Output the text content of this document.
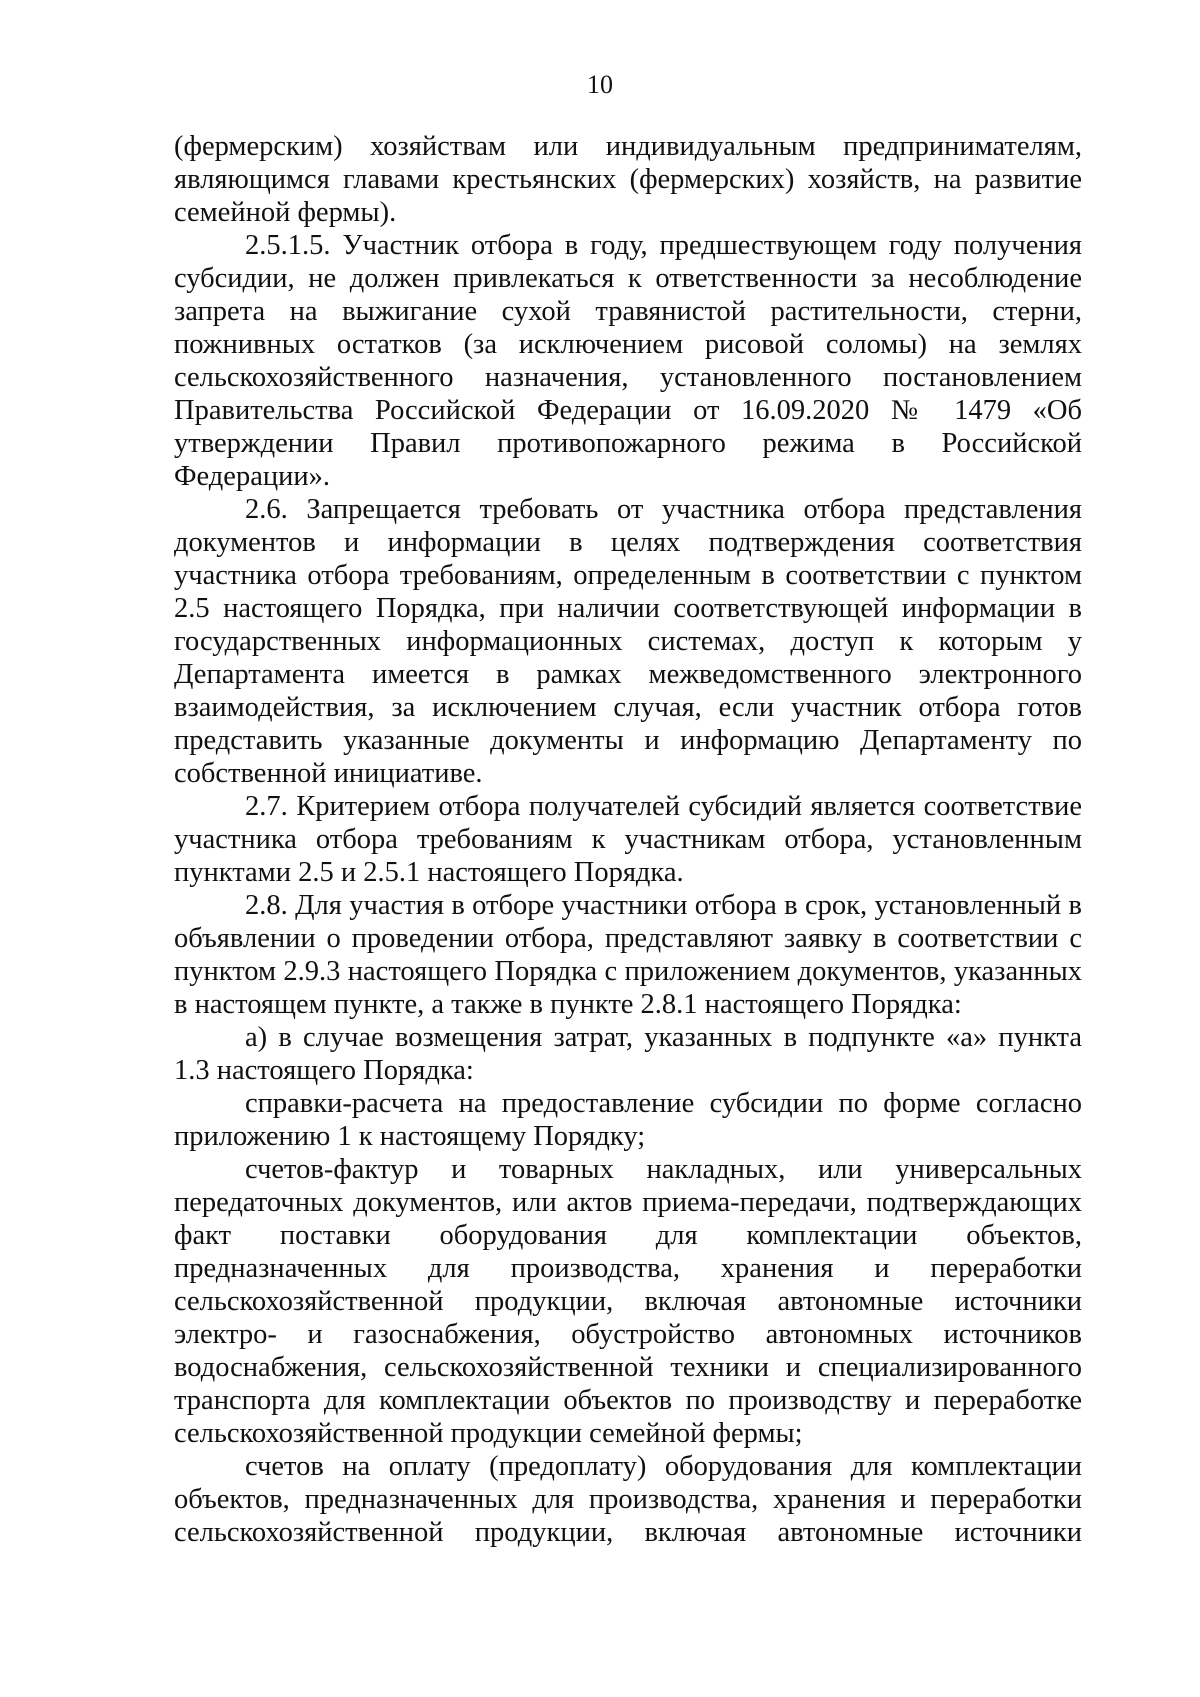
10

(фермерским) хозяйствам или индивидуальным предпринимателям, являющимся главами крестьянских (фермерских) хозяйств, на развитие семейной фермы).

2.5.1.5. Участник отбора в году, предшествующем году получения субсидии, не должен привлекаться к ответственности за несоблюдение запрета на выжигание сухой травянистой растительности, стерни, пожнивных остатков (за исключением рисовой соломы) на землях сельскохозяйственного назначения, установленного постановлением Правительства Российской Федерации от 16.09.2020 № 1479 «Об утверждении Правил противопожарного режима в Российской Федерации».

2.6. Запрещается требовать от участника отбора представления документов и информации в целях подтверждения соответствия участника отбора требованиям, определенным в соответствии с пунктом 2.5 настоящего Порядка, при наличии соответствующей информации в государственных информационных системах, доступ к которым у Департамента имеется в рамках межведомственного электронного взаимодействия, за исключением случая, если участник отбора готов представить указанные документы и информацию Департаменту по собственной инициативе.

2.7. Критерием отбора получателей субсидий является соответствие участника отбора требованиям к участникам отбора, установленным пунктами 2.5 и 2.5.1 настоящего Порядка.

2.8. Для участия в отборе участники отбора в срок, установленный в объявлении о проведении отбора, представляют заявку в соответствии с пунктом 2.9.3 настоящего Порядка с приложением документов, указанных в настоящем пункте, а также в пункте 2.8.1 настоящего Порядка:

а) в случае возмещения затрат, указанных в подпункте «а» пункта 1.3 настоящего Порядка:

справки-расчета на предоставление субсидии по форме согласно приложению 1 к настоящему Порядку;

счетов-фактур и товарных накладных, или универсальных передаточных документов, или актов приема-передачи, подтверждающих факт поставки оборудования для комплектации объектов, предназначенных для производства, хранения и переработки сельскохозяйственной продукции, включая автономные источники электро- и газоснабжения, обустройство автономных источников водоснабжения, сельскохозяйственной техники и специализированного транспорта для комплектации объектов по производству и переработке сельскохозяйственной продукции семейной фермы;

счетов на оплату (предоплату) оборудования для комплектации объектов, предназначенных для производства, хранения и переработки сельскохозяйственной продукции, включая автономные источники
